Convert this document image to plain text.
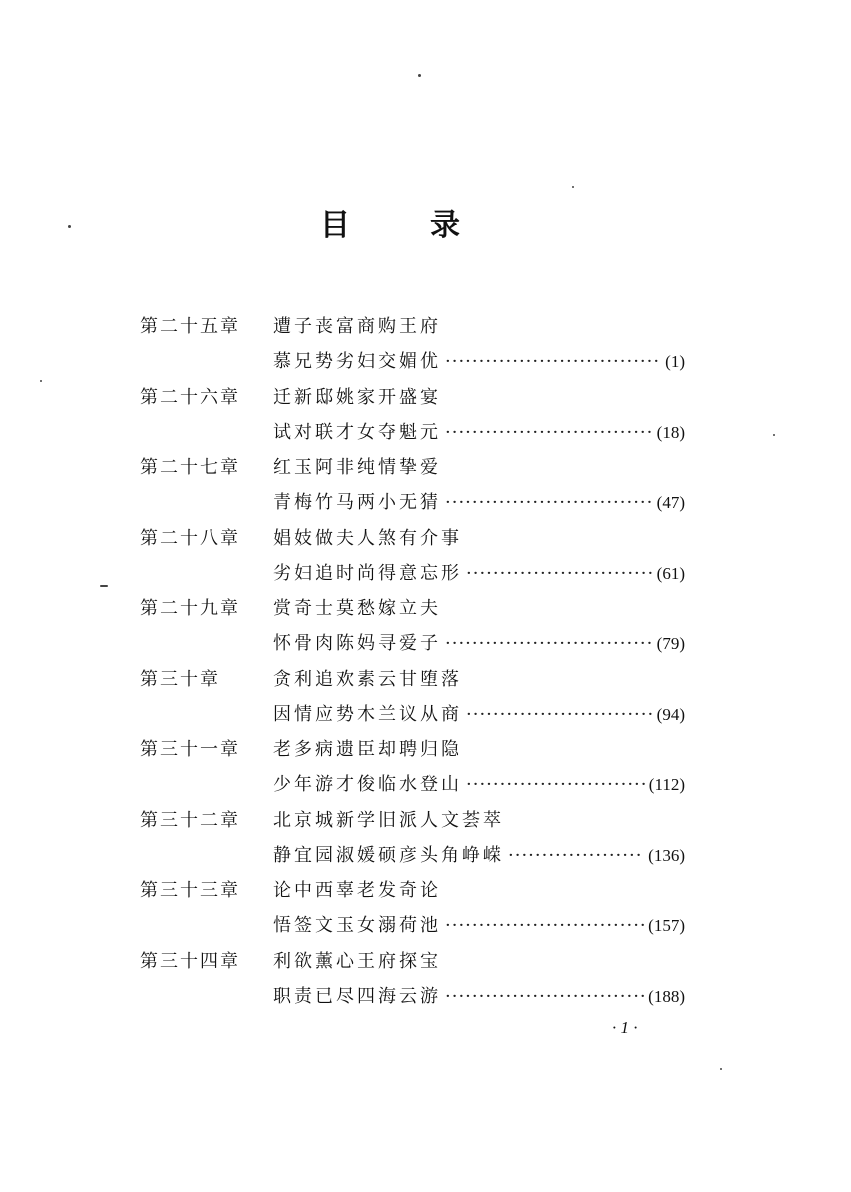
目	录
第二十五章 遭子丧富商购王府
慕兄势劣妇交媚优 ·····	(1)
第二十六章 迁新邸姚家开盛宴
试对联才女夺魁元 ·····	(18)
第二十七章 红玉阿非纯情挚爱
青梅竹马两小无猜 ·····	(47)
第二十八章 娼妓做夫人煞有介事
劣妇追时尚得意忘形 ·····	(61)
第二十九章 赏奇士莫愁嫁立夫
怀骨肉陈妈寻爱子 ·····	(79)
第三十章	贪利追欢素云甘堕落
因情应势木兰议从商 ·····	(94)
第三十一章 老多病遗臣却聘归隐
少年游才俊临水登山 ·····	(112)
第三十二章 北京城新学旧派人文荟萃
静宜园淑媛硕彦头角峥嵘 ·····	(136)
第三十三章 论中西辜老发奇论
悟签文玉女溺荷池 ·····	(157)
第三十四章 利欲薰心王府探宝
职责已尽四海云游 ·····	(188)
· 1 ·
